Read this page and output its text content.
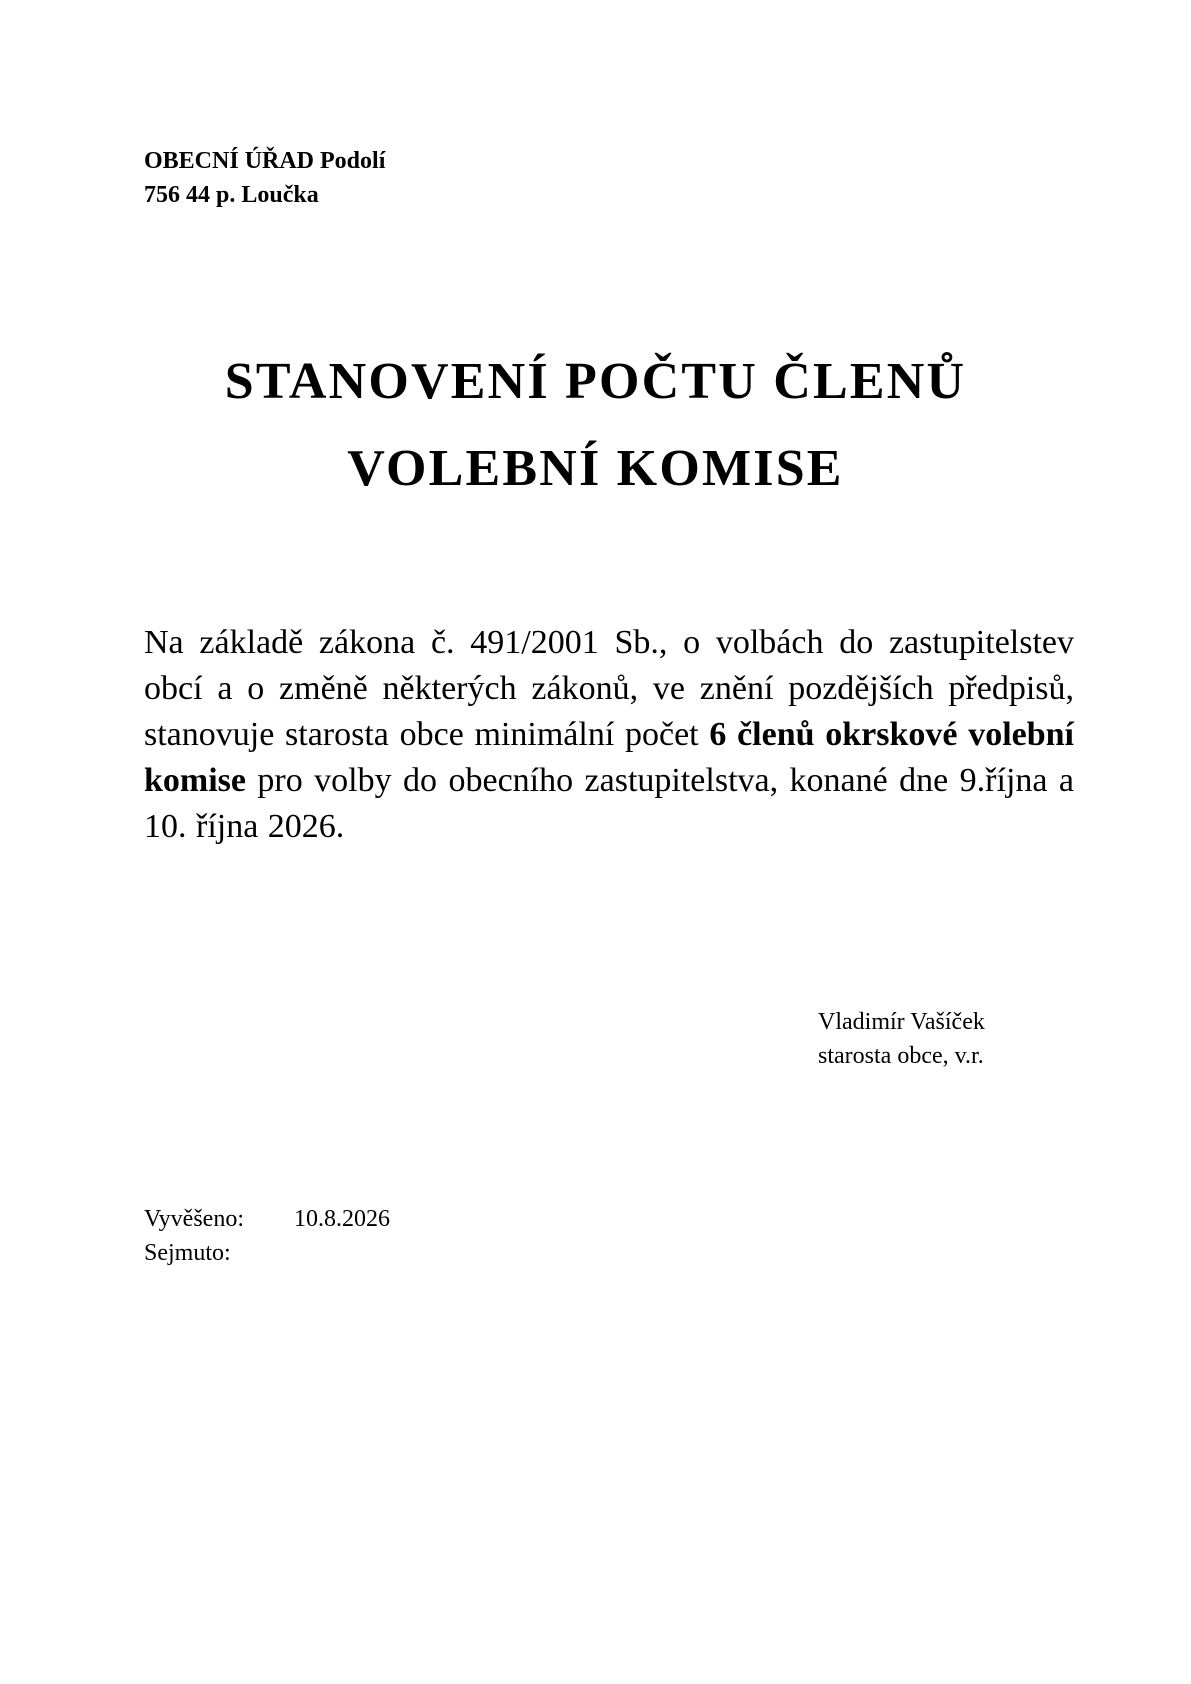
OBECNÍ ÚŘAD Podolí
756 44 p. Loučka
STANOVENÍ POČTU ČLENŮ
VOLEBNÍ KOMISE
Na základě zákona č. 491/2001 Sb., o volbách do zastupitelstev obcí a o změně některých zákonů, ve znění pozdějších předpisů, stanovuje starosta obce minimální počet 6 členů okrskové volební komise pro volby do obecního zastupitelstva, konané dne 9.října a 10. října 2026.
Vladimír Vašíček
starosta obce, v.r.
Vyvěšeno:	10.8.2026
Sejmuto:
